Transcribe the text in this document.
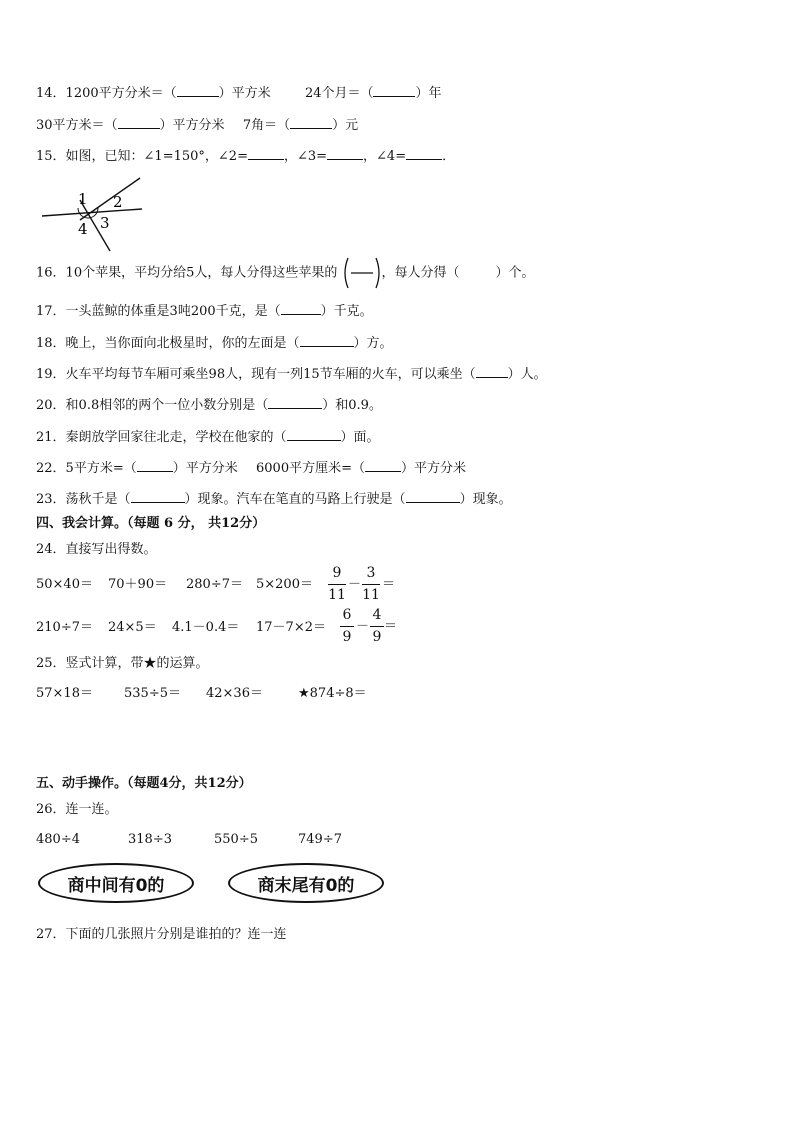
14．1200平方分米＝（	）平方米	24个月＝（	）年
30平方米＝（	）平方分米 7角＝（	）元
15．如图，已知：∠1=150°，∠2=	，∠3=	，∠4=	．
1 2
3
4
16．10个苹果，平均分给5人，每人分得这些苹果的	，每人分得（	）个。
17．一头蓝鲸的体重是3吨200千克，是（	）千克。
18．晚上，当你面向北极星时，你的左面是（	）方。
19．火车平均每节车厢可乘坐98人，现有一列15节车厢的火车，可以乘坐（ ）人。
20．和0.8相邻的两个一位小数分别是（	）和0.9。
21．秦朗放学回家往北走，学校在他家的（	）面。
22．5平方米=（	）平方分米 6000平方厘米=（	）平方分米
23．荡秋千是（	）现象。汽车在笔直的马路上行驶是（	）现象。
四、我会计算。（每题 6 分， 共12分）
24．直接写出得数。
50×40＝ 70＋90＝ 280÷7＝ 5×200＝
9
11
－
3
11
＝
210÷7＝ 24×5＝ 4.1－0.4＝ 17－7×2＝
6
9
－
4
9
＝
25．竖式计算，带★的运算。
57×18＝ 535÷5＝ 42×36＝	★874÷8＝
五、动手操作。（每题4分，共12分）
26．连一连。
480÷4	318÷3	550÷5	749÷7
商中间有0的	商末尾有0的
27．下面的几张照片分别是谁拍的？连一连
